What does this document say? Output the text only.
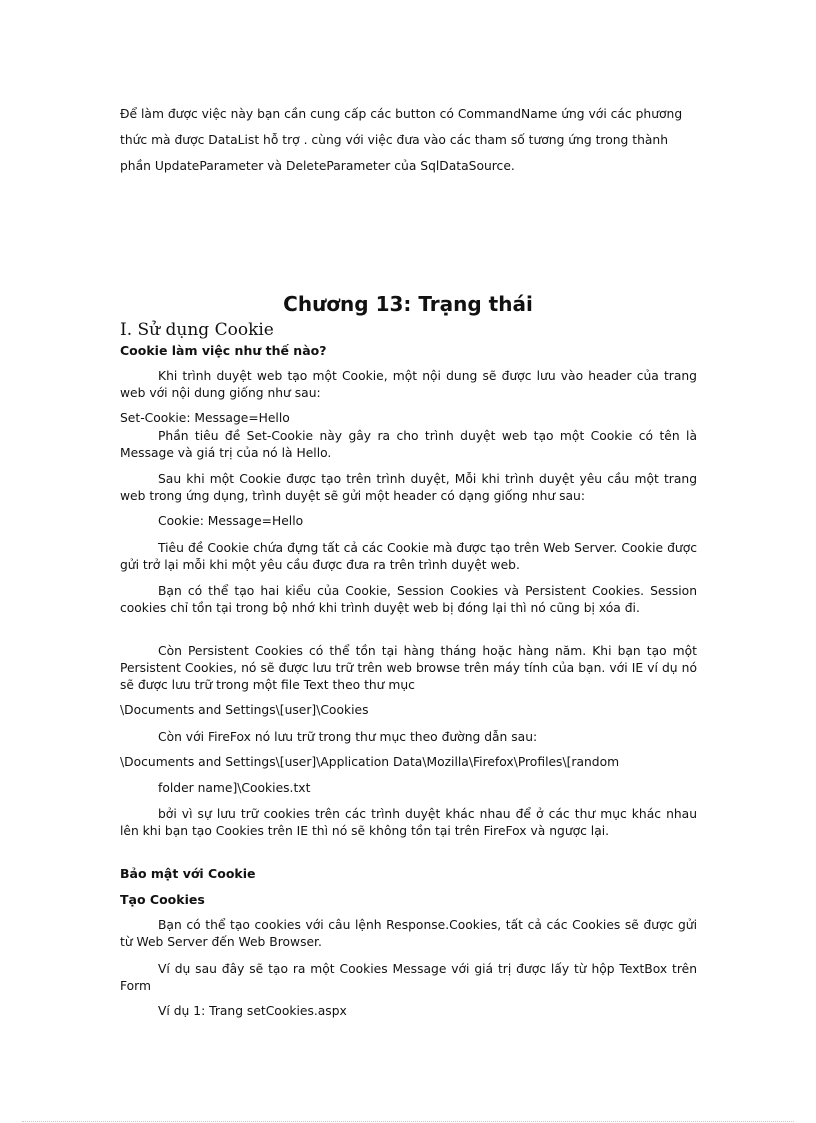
Để làm được việc này bạn cần cung cấp các button có CommandName ứng với các phương thức mà được DataList hỗ trợ . cùng với việc đưa vào các tham số tương ứng trong thành phần UpdateParameter và DeleteParameter của SqlDataSource.

Chương 13: Trạng thái
I. Sử dụng Cookie
Cookie làm việc như thế nào?

Khi trình duyệt web tạo một Cookie, một nội dung sẽ được lưu vào header của trang web với nội dung giống như sau:

Set-Cookie: Message=Hello

Phần tiêu đề Set-Cookie này gây ra cho trình duyệt web tạo một Cookie có tên là Message và giá trị của nó là Hello.

Sau khi một Cookie được tạo trên trình duyệt, Mỗi khi trình duyệt yêu cầu một trang web trong ứng dụng, trình duyệt sẽ gửi một header có dạng giống như sau:

Cookie: Message=Hello

Tiêu đề Cookie chứa đựng tất cả các Cookie mà được tạo trên Web Server. Cookie được gửi trở lại mỗi khi một yêu cầu được đưa ra trên trình duyệt web.

Bạn có thể tạo hai kiểu của Cookie, Session Cookies và Persistent Cookies. Session cookies chỉ tồn tại trong bộ nhớ khi trình duyệt web bị đóng lại thì nó cũng bị xóa đi.

Còn Persistent Cookies có thể tồn tại hàng tháng hoặc hàng năm. Khi bạn tạo một Persistent Cookies, nó sẽ được lưu trữ trên web browse trên máy tính của bạn. với IE ví dụ nó sẽ được lưu trữ trong một file Text theo thư mục

\Documents and Settings\[user]\Cookies

Còn với FireFox nó lưu trữ trong thư mục theo đường dẫn sau:

\Documents and Settings\[user]\Application Data\Mozilla\Firefox\Profiles\[random

folder name]\Cookies.txt

bởi vì sự lưu trữ cookies trên các trình duyệt khác nhau để ở các thư mục khác nhau lên khi bạn tạo Cookies trên IE thì nó sẽ không tồn tại trên FireFox và ngược lại.

Bảo mật với Cookie
Tạo Cookies

Bạn có thể tạo cookies với câu lệnh Response.Cookies, tất cả các Cookies sẽ được gửi từ Web Server đến Web Browser.

Ví dụ sau đây sẽ tạo ra một Cookies Message với giá trị được lấy từ hộp TextBox trên Form

Ví dụ 1: Trang setCookies.aspx
